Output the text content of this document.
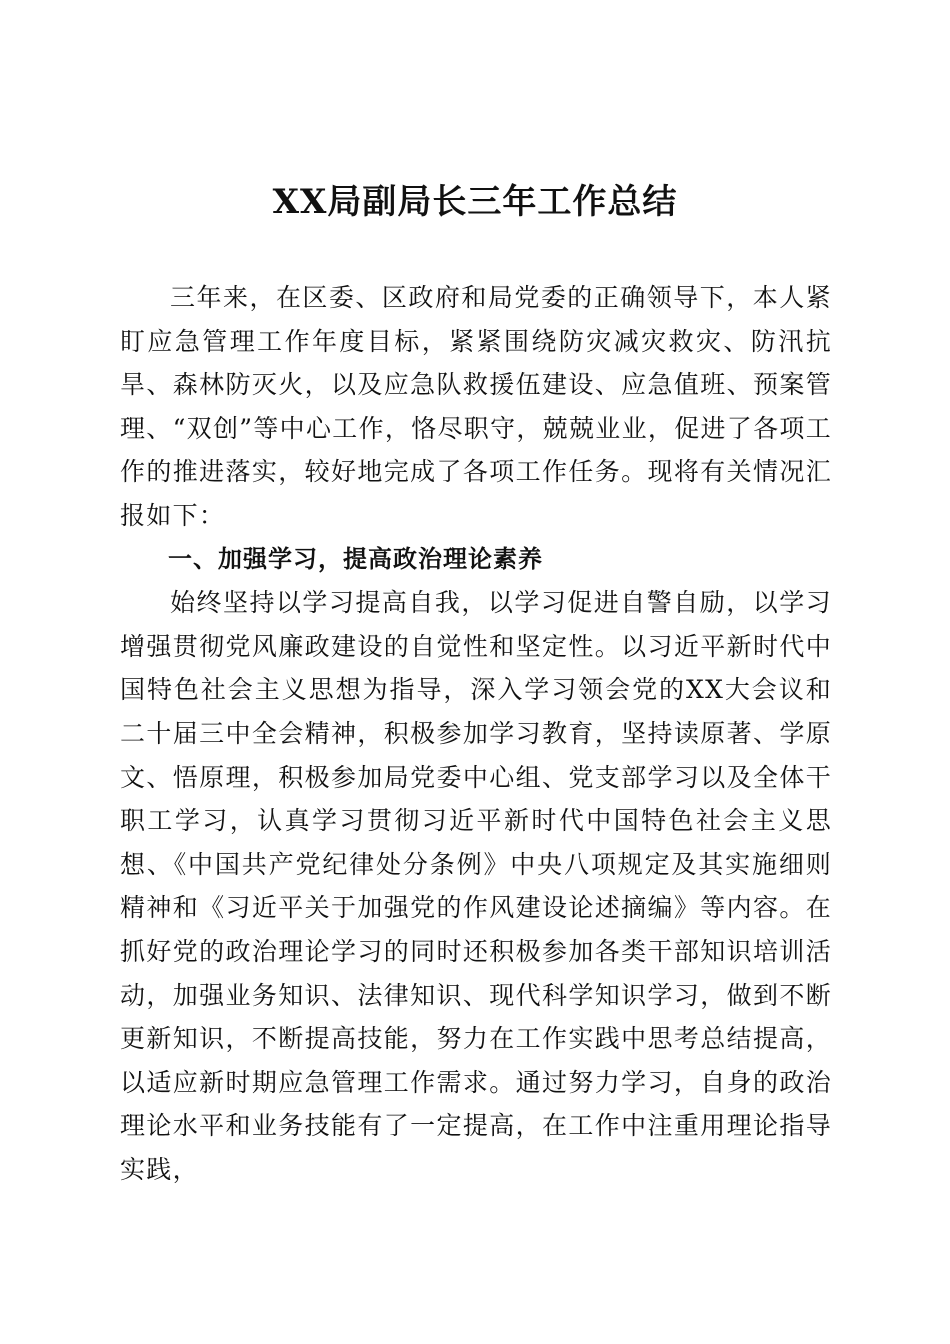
XX局副局长三年工作总结

三年来，在区委、区政府和局党委的正确领导下，本人紧盯应急管理工作年度目标，紧紧围绕防灾减灾救灾、防汛抗旱、森林防灭火，以及应急队救援伍建设、应急值班、预案管理、“双创”等中心工作，恪尽职守，兢兢业业，促进了各项工作的推进落实，较好地完成了各项工作任务。现将有关情况汇报如下：

一、加强学习，提高政治理论素养

始终坚持以学习提高自我，以学习促进自警自励，以学习增强贯彻党风廉政建设的自觉性和坚定性。以习近平新时代中国特色社会主义思想为指导，深入学习领会党的XX大会议和二十届三中全会精神，积极参加学习教育，坚持读原著、学原文、悟原理，积极参加局党委中心组、党支部学习以及全体干职工学习，认真学习贯彻习近平新时代中国特色社会主义思想、《中国共产党纪律处分条例》中央八项规定及其实施细则精神和《习近平关于加强党的作风建设论述摘编》等内容。在抓好党的政治理论学习的同时还积极参加各类干部知识培训活动，加强业务知识、法律知识、现代科学知识学习，做到不断更新知识，不断提高技能，努力在工作实践中思考总结提高，以适应新时期应急管理工作需求。通过努力学习，自身的政治理论水平和业务技能有了一定提高，在工作中注重用理论指导实践，
